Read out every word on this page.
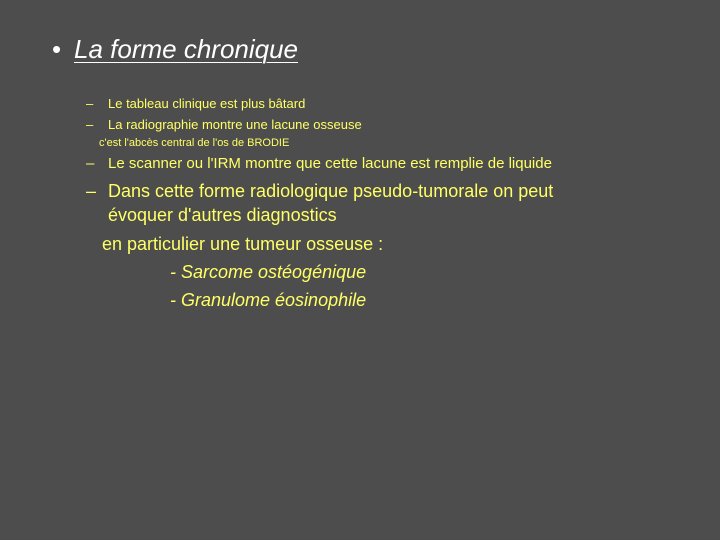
• La forme chronique
– Le tableau clinique est plus bâtard
– La radiographie montre une lacune osseuse
c'est l'abcès central de l'os de BRODIE
– Le scanner ou l'IRM montre que cette lacune est remplie de liquide
– Dans cette forme radiologique pseudo-tumorale on peut
évoquer d'autres diagnostics
en particulier une tumeur osseuse :
- Sarcome ostéogénique
- Granulome éosinophile
